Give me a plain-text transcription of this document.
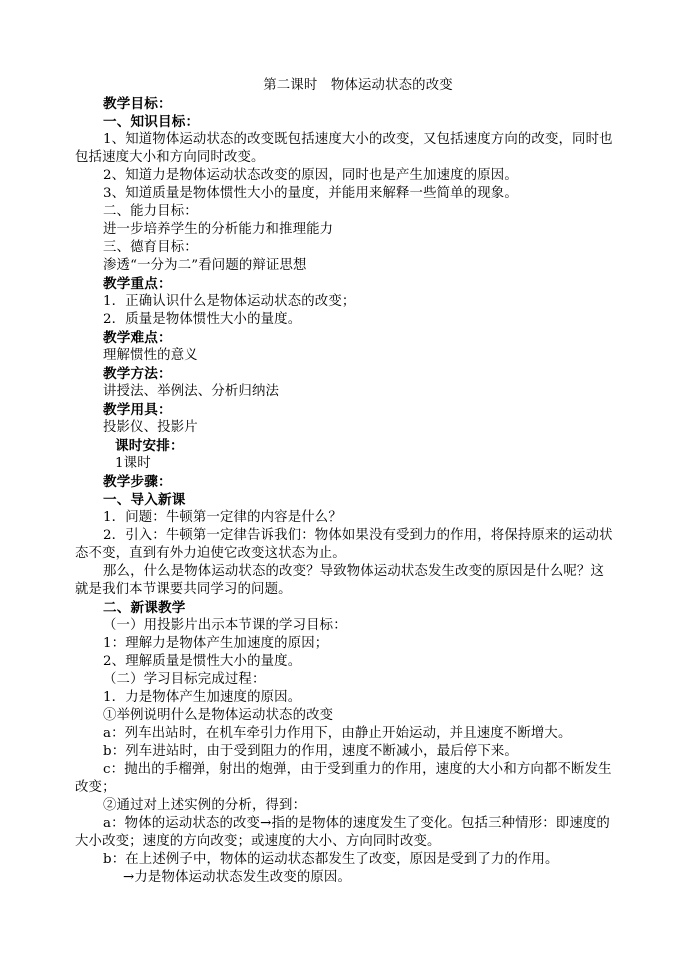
第二课时　物体运动状态的改变
教学目标：
一、知识目标：
1、知道物体运动状态的改变既包括速度大小的改变，又包括速度方向的改变，同时也包括速度大小和方向同时改变。
2、知道力是物体运动状态改变的原因，同时也是产生加速度的原因。
3、知道质量是物体惯性大小的量度，并能用来解释一些简单的现象。
二、能力目标：
进一步培养学生的分析能力和推理能力
三、德育目标：
渗透“一分为二”看问题的辩证思想
教学重点：
1．正确认识什么是物体运动状态的改变；
2．质量是物体惯性大小的量度。
教学难点：
理解惯性的意义
教学方法：
讲授法、举例法、分析归纳法
教学用具：
投影仪、投影片
课时安排：
1课时
教学步骤：
一、导入新课
1．问题：牛顿第一定律的内容是什么？
2．引入：牛顿第一定律告诉我们：物体如果没有受到力的作用，将保持原来的运动状态不变，直到有外力迫使它改变这状态为止。
那么，什么是物体运动状态的改变？导致物体运动状态发生改变的原因是什么呢？这就是我们本节课要共同学习的问题。
二、新课教学
（一）用投影片出示本节课的学习目标：
1：理解力是物体产生加速度的原因；
2、理解质量是惯性大小的量度。
（二）学习目标完成过程：
1．力是物体产生加速度的原因。
①举例说明什么是物体运动状态的改变
a：列车出站时，在机车牵引力作用下，由静止开始运动，并且速度不断增大。
b：列车进站时，由于受到阻力的作用，速度不断减小，最后停下来。
c：抛出的手榴弹，射出的炮弹，由于受到重力的作用，速度的大小和方向都不断发生改变；
②通过对上述实例的分析，得到：
a：物体的运动状态的改变→指的是物体的速度发生了变化。包括三种情形：即速度的大小改变；速度的方向改变；或速度的大小、方向同时改变。
b：在上述例子中，物体的运动状态都发生了改变，原因是受到了力的作用。
→力是物体运动状态发生改变的原因。
